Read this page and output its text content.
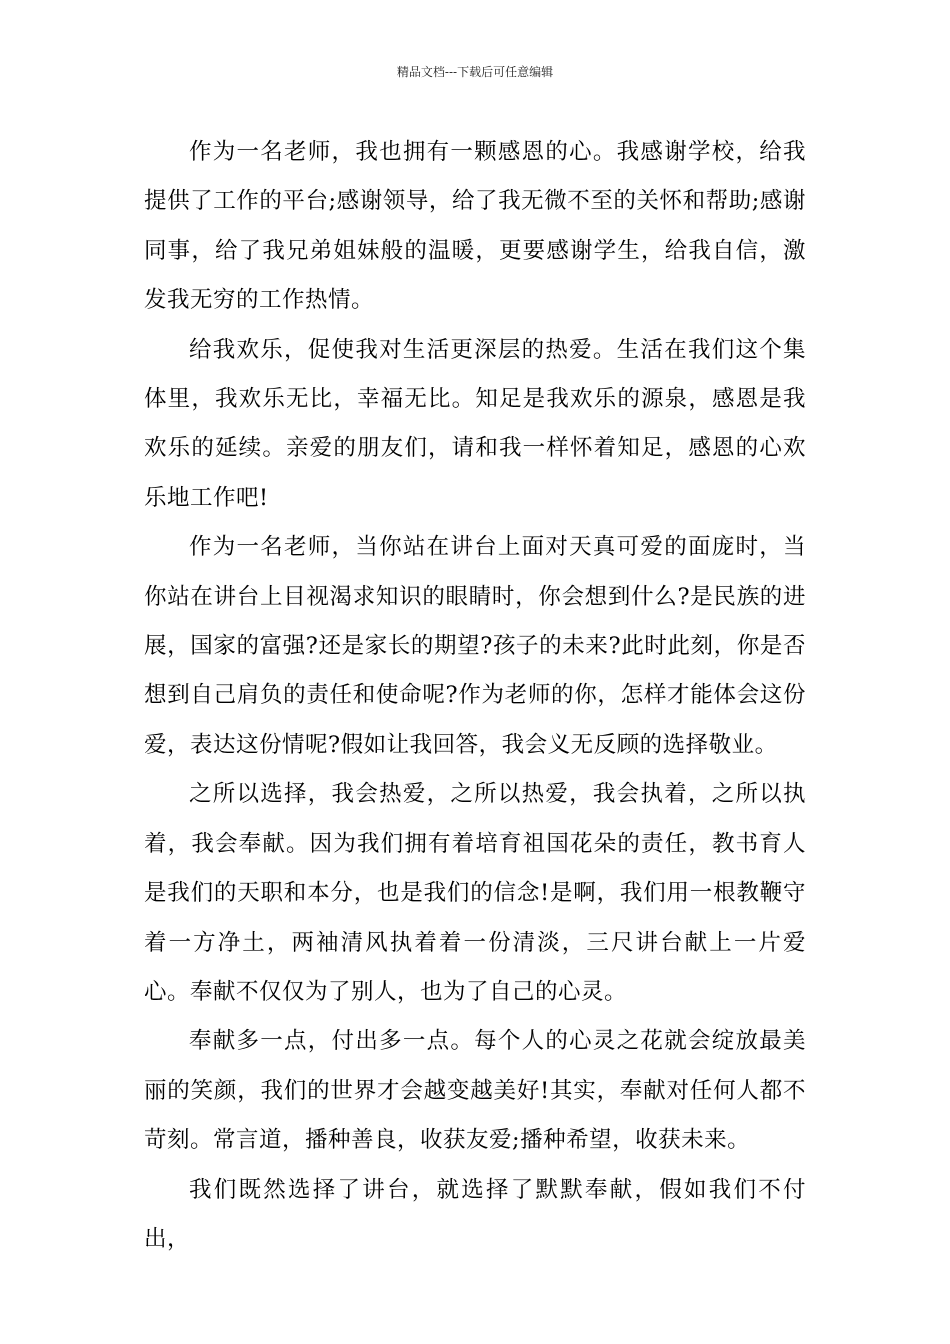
精品文档---下载后可任意编辑

作为一名老师，我也拥有一颗感恩的心。我感谢学校，给我提供了工作的平台;感谢领导，给了我无微不至的关怀和帮助;感谢同事，给了我兄弟姐妹般的温暖，更要感谢学生，给我自信，激发我无穷的工作热情。

给我欢乐，促使我对生活更深层的热爱。生活在我们这个集体里，我欢乐无比，幸福无比。知足是我欢乐的源泉，感恩是我欢乐的延续。亲爱的朋友们，请和我一样怀着知足，感恩的心欢乐地工作吧!

作为一名老师，当你站在讲台上面对天真可爱的面庞时，当你站在讲台上目视渴求知识的眼睛时，你会想到什么?是民族的进展，国家的富强?还是家长的期望?孩子的未来?此时此刻，你是否想到自己肩负的责任和使命呢?作为老师的你，怎样才能体会这份爱，表达这份情呢?假如让我回答，我会义无反顾的选择敬业。

之所以选择，我会热爱，之所以热爱，我会执着，之所以执着，我会奉献。因为我们拥有着培育祖国花朵的责任，教书育人是我们的天职和本分，也是我们的信念!是啊，我们用一根教鞭守着一方净土，两袖清风执着着一份清淡，三尺讲台献上一片爱心。奉献不仅仅为了别人，也为了自己的心灵。

奉献多一点，付出多一点。每个人的心灵之花就会绽放最美丽的笑颜，我们的世界才会越变越美好!其实，奉献对任何人都不苛刻。常言道，播种善良，收获友爱;播种希望，收获未来。

我们既然选择了讲台，就选择了默默奉献，假如我们不付出，
